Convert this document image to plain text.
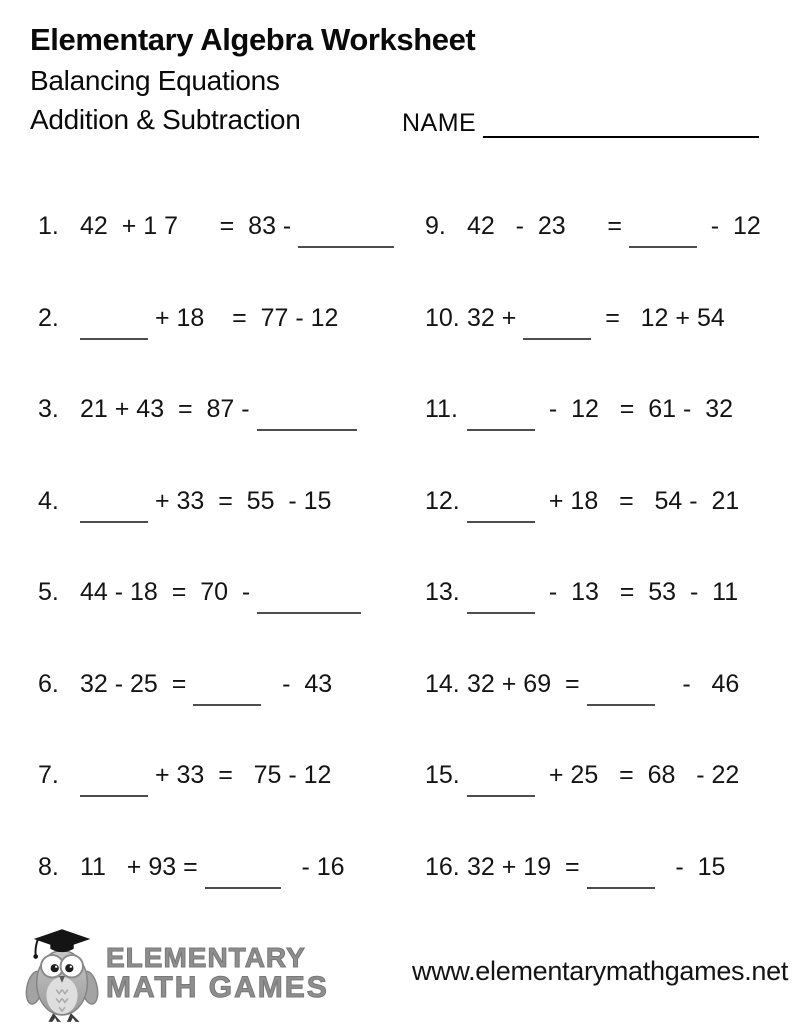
Elementary Algebra Worksheet
Balancing Equations
Addition & Subtraction	NAME
1. 42  + 1 7      =  83 -
2.	+ 18    =  77 - 12
3. 21 + 43  =  87 -
4.	+ 33  =  55  - 15
5. 44 - 18  =  70  -
6. 32 - 25  =	-  43
7.	+ 33  =   75 - 12
8. 11   + 93 =	- 16
9. 42   -  23      =	-  12
10. 32 +	=   12 + 54
11.	-  12   =  61 -  32
12.	+ 18   =   54 -  21
13.	-  13   =  53  -  11
14. 32 + 69  =	-   46
15.	+ 25   =  68   - 22
16. 32 + 19  =	-  15
ELEMENTARY
MATH GAMES	www.elementarymathgames.net
